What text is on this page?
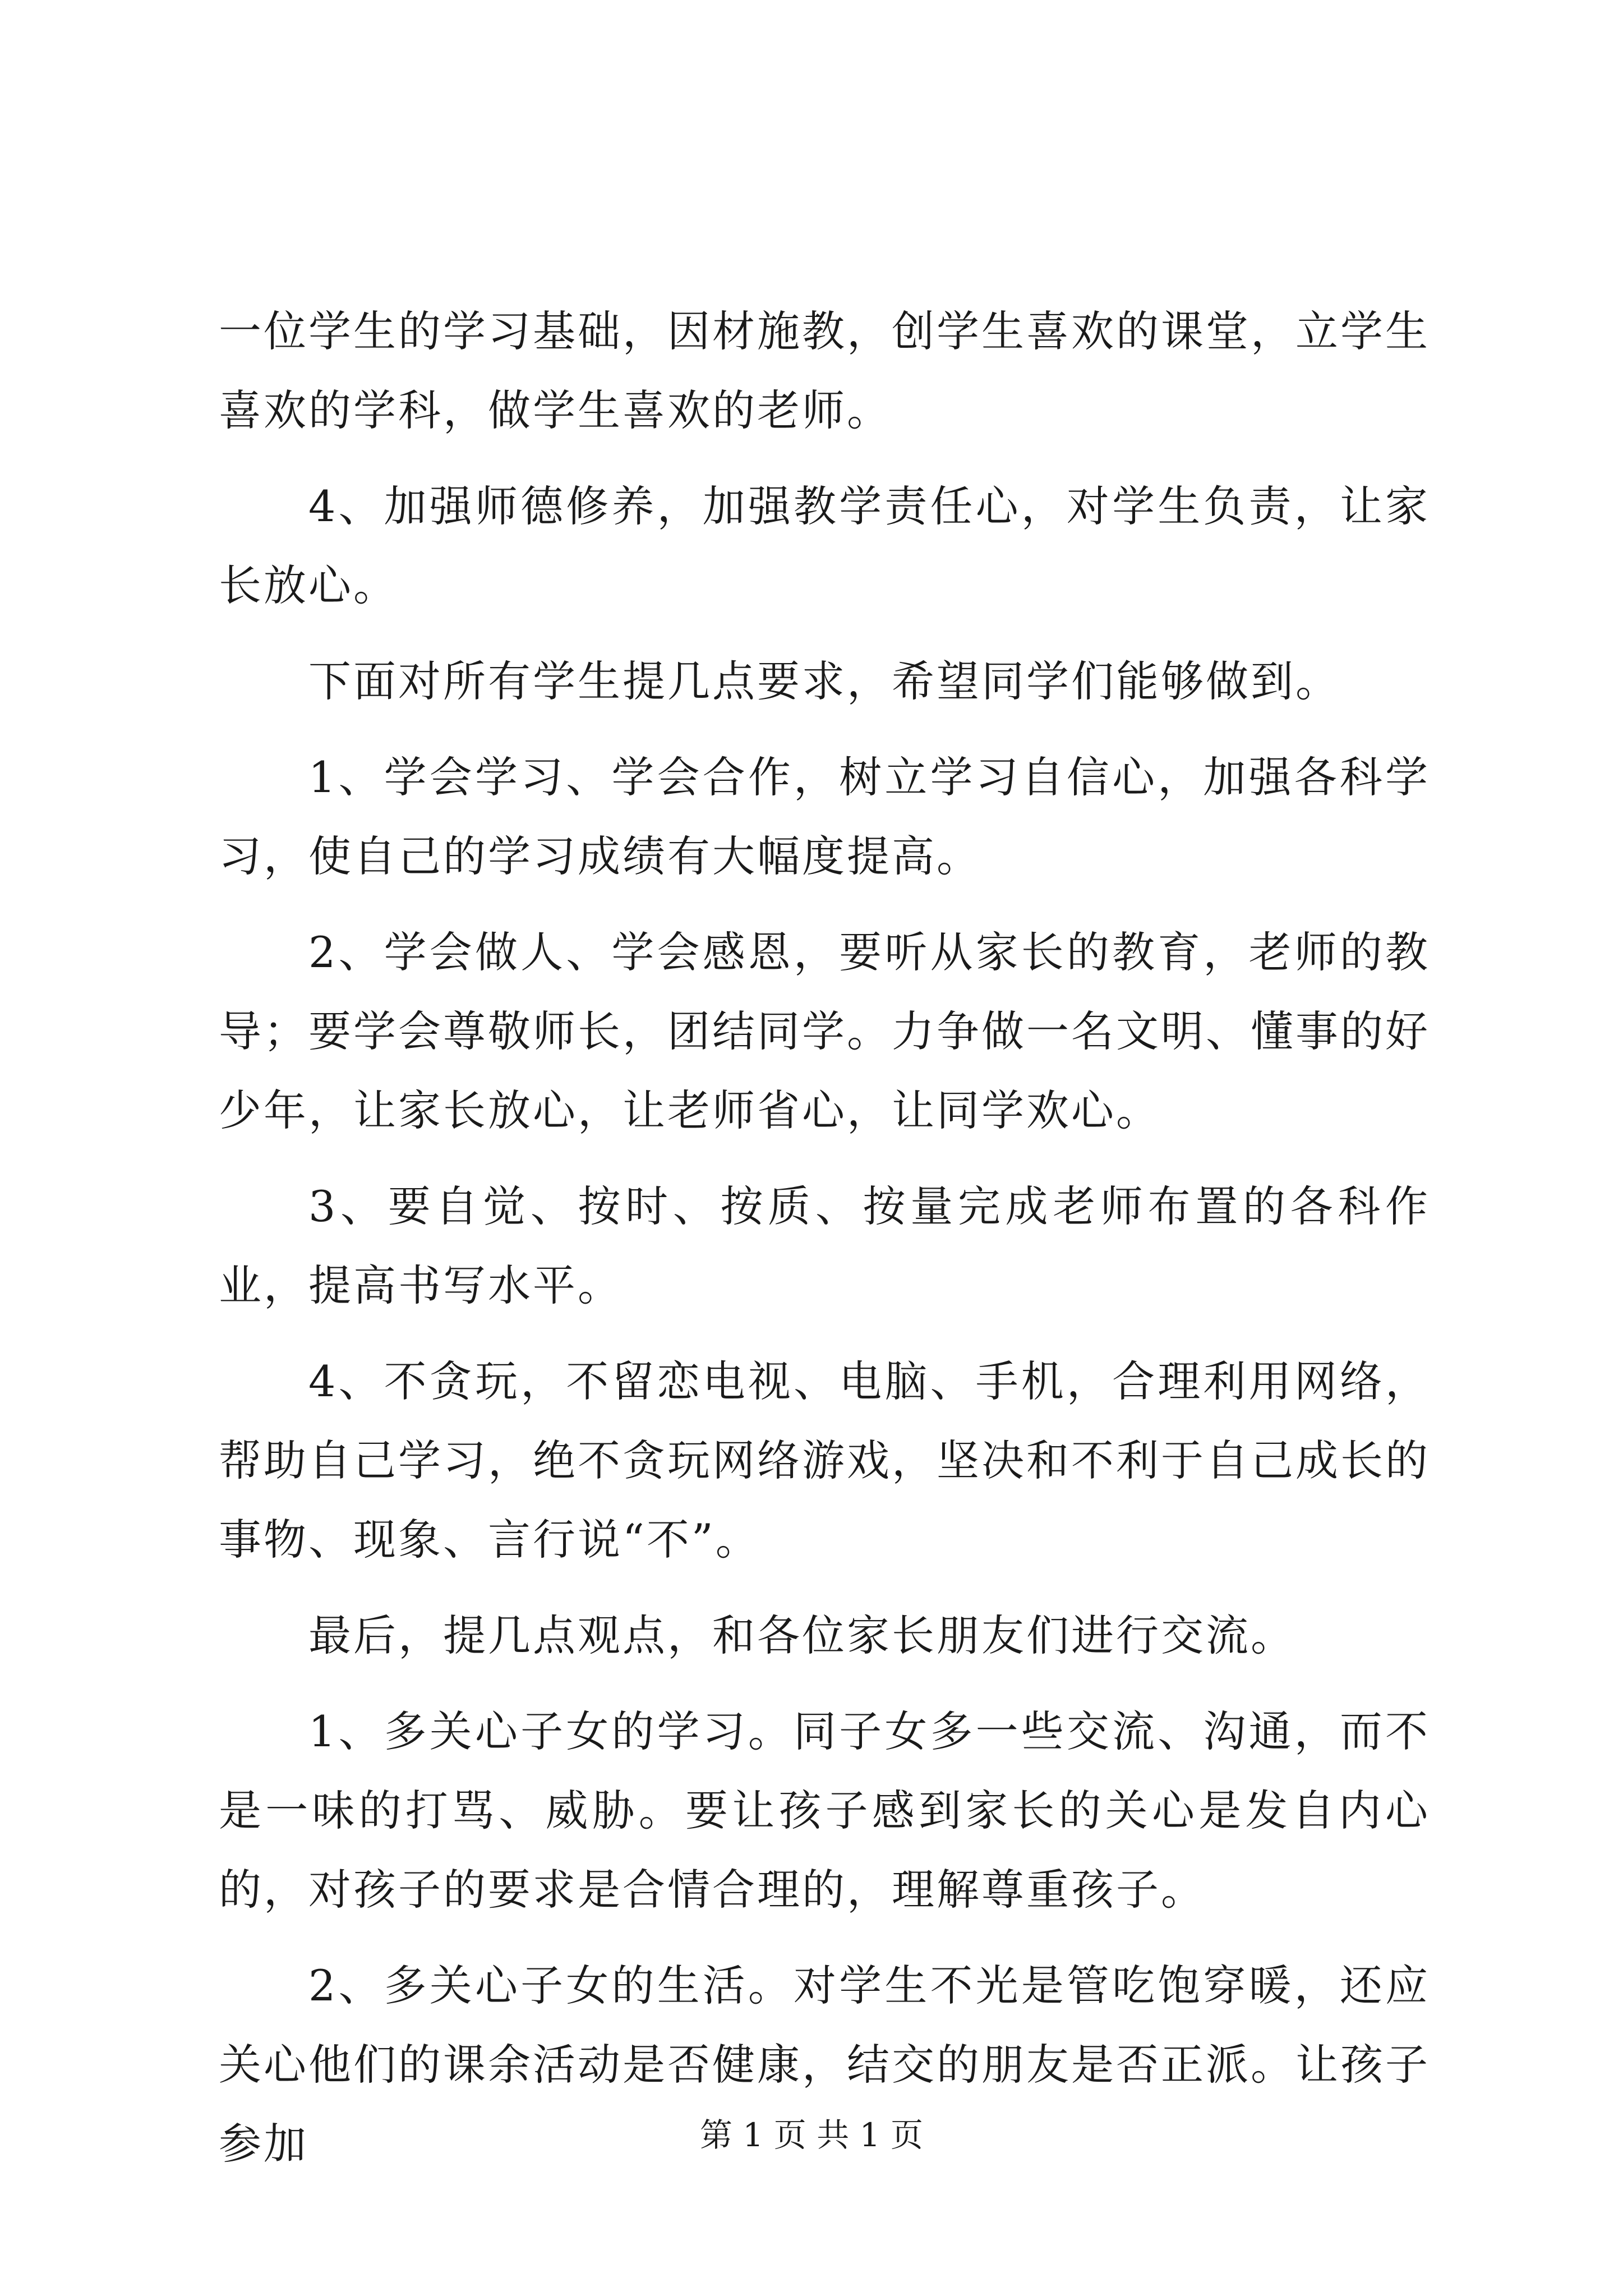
一位学生的学习基础，因材施教，创学生喜欢的课堂，立学生喜欢的学科，做学生喜欢的老师。

4、加强师德修养，加强教学责任心，对学生负责，让家长放心。

下面对所有学生提几点要求，希望同学们能够做到。

1、学会学习、学会合作，树立学习自信心，加强各科学习，使自己的学习成绩有大幅度提高。

2、学会做人、学会感恩，要听从家长的教育，老师的教导；要学会尊敬师长，团结同学。力争做一名文明、懂事的好少年，让家长放心，让老师省心，让同学欢心。

3、要自觉、按时、按质、按量完成老师布置的各科作业，提高书写水平。

4、不贪玩，不留恋电视、电脑、手机，合理利用网络，帮助自己学习，绝不贪玩网络游戏，坚决和不利于自己成长的事物、现象、言行说“不”。

最后，提几点观点，和各位家长朋友们进行交流。

1、多关心子女的学习。同子女多一些交流、沟通，而不是一味的打骂、威胁。要让孩子感到家长的关心是发自内心的，对孩子的要求是合情合理的，理解尊重孩子。

2、多关心子女的生活。对学生不光是管吃饱穿暖，还应关心他们的课余活动是否健康，结交的朋友是否正派。让孩子参加	第 1 页 共 1 页
